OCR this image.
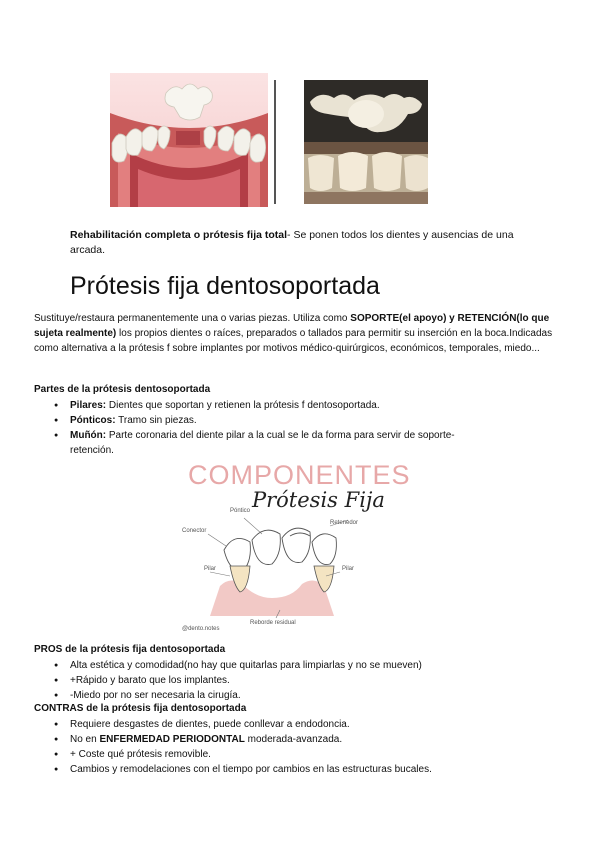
Rehabilitación completa o prótesis fija total- Se ponen todos los dientes y ausencias de una arcada.
Prótesis fija dentosoportada
Sustituye/restaura permanentemente una o varias piezas. Utiliza como SOPORTE(el apoyo) y RETENCIÓN(lo que sujeta realmente) los propios dientes o raíces, preparados o tallados para permitir su inserción en la boca.Indicadas como alternativa a la prótesis f sobre implantes por motivos médico-quirúrgicos, económicos, temporales, miedo...
Partes de la prótesis dentosoportada
● Pilares: Dientes que soportan y retienen la prótesis f dentosoportada.
● Pónticos: Tramo sin piezas.
● Muñón: Parte coronaria del diente pilar a la cual se le da forma para servir de soporte-retención.
COMPONENTES
Prótesis Fija
Póntico
Conector
Retenedor
Pilar	Pilar
Reborde residual
@dento.notes
PROS de la prótesis fija dentosoportada
● Alta estética y comodidad(no hay que quitarlas para limpiarlas y no se mueven)
● +Rápido y barato que los implantes.
● -Miedo por no ser necesaria la cirugía.
CONTRAS de la prótesis fija dentosoportada
● Requiere desgastes de dientes, puede conllevar a endodoncia.
● No en ENFERMEDAD PERIODONTAL moderada-avanzada.
● + Coste qué prótesis removible.
● Cambios y remodelaciones con el tiempo por cambios en las estructuras bucales.
